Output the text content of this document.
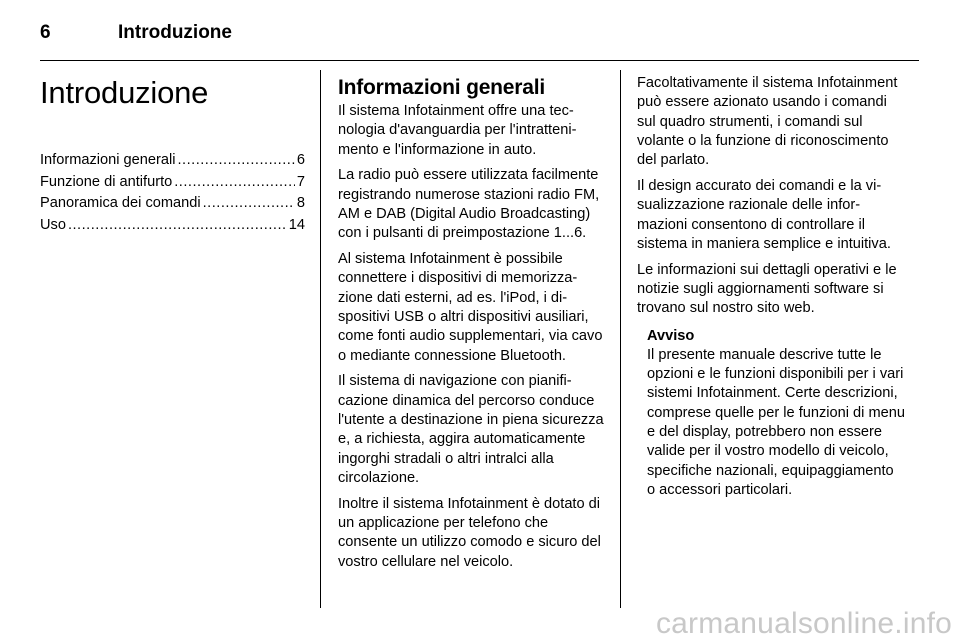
6	Introduzione
Introduzione
Informazioni generali .....	6
Funzione di antifurto .....	7
Panoramica dei comandi .....	8
Uso .....	14
Informazioni generali

Il sistema Infotainment offre una tecnologia d'avanguardia per l'intrattenimento e l'informazione in auto.

La radio può essere utilizzata facilmente registrando numerose stazioni radio FM, AM e DAB (Digital Audio Broadcasting) con i pulsanti di preimpostazione 1...6.

Al sistema Infotainment è possibile connettere i dispositivi di memorizzazione dati esterni, ad es. l'iPod, i dispositivi USB o altri dispositivi ausiliari, come fonti audio supplementari, via cavo o mediante connessione Bluetooth.

Il sistema di navigazione con pianificazione dinamica del percorso conduce l'utente a destinazione in piena sicurezza e, a richiesta, aggira automaticamente ingorghi stradali o altri intralci alla circolazione.

Inoltre il sistema Infotainment è dotato di un applicazione per telefono che consente un utilizzo comodo e sicuro del vostro cellulare nel veicolo.

Facoltativamente il sistema Infotainment può essere azionato usando i comandi sul quadro strumenti, i comandi sul volante o la funzione di riconoscimento del parlato.

Il design accurato dei comandi e la visualizzazione razionale delle informazioni consentono di controllare il sistema in maniera semplice e intuitiva.

Le informazioni sui dettagli operativi e le notizie sugli aggiornamenti software si trovano sul nostro sito web.

Avviso

Il presente manuale descrive tutte le opzioni e le funzioni disponibili per i vari sistemi Infotainment. Certe descrizioni, comprese quelle per le funzioni di menu e del display, potrebbero non essere valide per il vostro modello di veicolo, specifiche nazionali, equipaggiamento o accessori particolari.

carmanualsonline.info
